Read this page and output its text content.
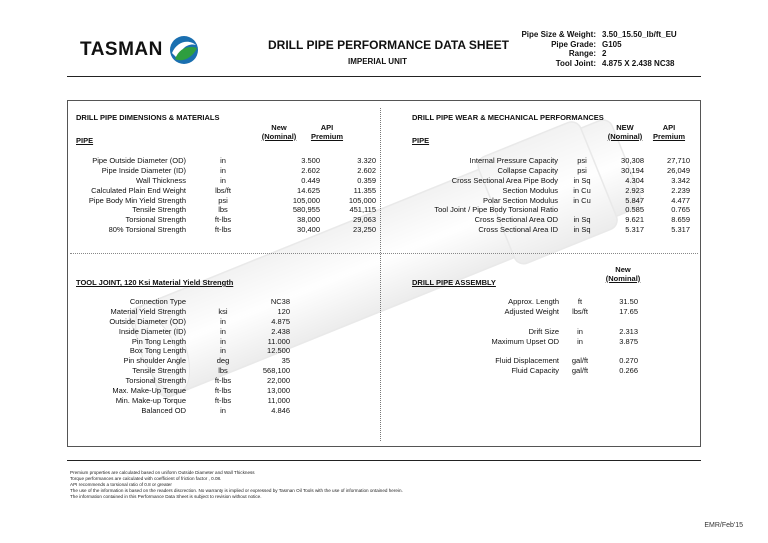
TASMAN	DRILL PIPE PERFORMANCE DATA SHEET
IMPERIAL UNIT
Pipe Size & Weight: 3.50_15.50_lb/ft_EU
Pipe Grade: G105
Range: 2
Tool Joint: 4.875 X 2.438 NC38
DRILL PIPE DIMENSIONS & MATERIALS
PIPE
New
(Nominal)
API
Premium
Pipe Outside Diameter (OD)	in	3.500	3.320
Pipe Inside Diameter (ID)	in	2.602	2.602
Wall Thickness	in	0.449	0.359
Calculated Plain End Weight	lbs/ft	14.625	11.355
Pipe Body Min Yield Strength	psi	105,000	105,000
Tensile Strength	lbs	580,955	451,115
Torsional Strength	ft-lbs	38,000	29,063
80% Torsional Strength	ft-lbs	30,400	23,250
DRILL PIPE WEAR & MECHANICAL PERFORMANCES
PIPE
NEW
(Nominal)
API
Premium
Internal Pressure Capacity	psi	30,308	27,710
Collapse Capacity	psi	30,194	26,049
Cross Sectional Area Pipe Body	in Sq	4.304	3.342
Section Modulus	in Cu	2.923	2.239
Polar Section Modulus	in Cu	5.847	4.477
Tool Joint / Pipe Body Torsional Ratio	0.585	0.765
Cross Sectional Area OD	in Sq	9.621	8.659
Cross Sectional Area ID	in Sq	5.317	5.317
TOOL JOINT, 120 Ksi Material Yield Strength
Connection Type	NC38
Material Yield Strength	ksi	120
Outside Diameter (OD)	in	4.875
Inside Diameter (ID)	in	2.438
Pin Tong Length	in	11.000
Box Tong Length	in	12.500
Pin shoulder Angle	deg	35
Tensile Strength	lbs	568,100
Torsional Strength	ft-lbs	22,000
Max. Make-Up Torque	ft-lbs	13,000
Min. Make-up Torque	ft-lbs	11,000
Balanced OD	in	4.846
DRILL PIPE ASSEMBLY
New
(Nominal)
Approx. Length	ft	31.50
Adjusted Weight	lbs/ft	17.65
Drift Size	in	2.313
Maximum Upset OD	in	3.875
Fluid Displacement	gal/ft	0.270
Fluid Capacity	gal/ft	0.266
Premium properties are calculated based on uniform Outside Diameter and Wall Thickness
Torque performances are calculated with coefficient of friction factor , 0.08.
API recommends a torsional ratio of 0.8 or greater
The use of the information is based on the readers discrection. No warranty is implied or expressed by Tasman Oil Tools with the use of information ontained herein.
The information contained in this Performance Data Sheet is subject to revision without notice.
EMR/Feb'15
